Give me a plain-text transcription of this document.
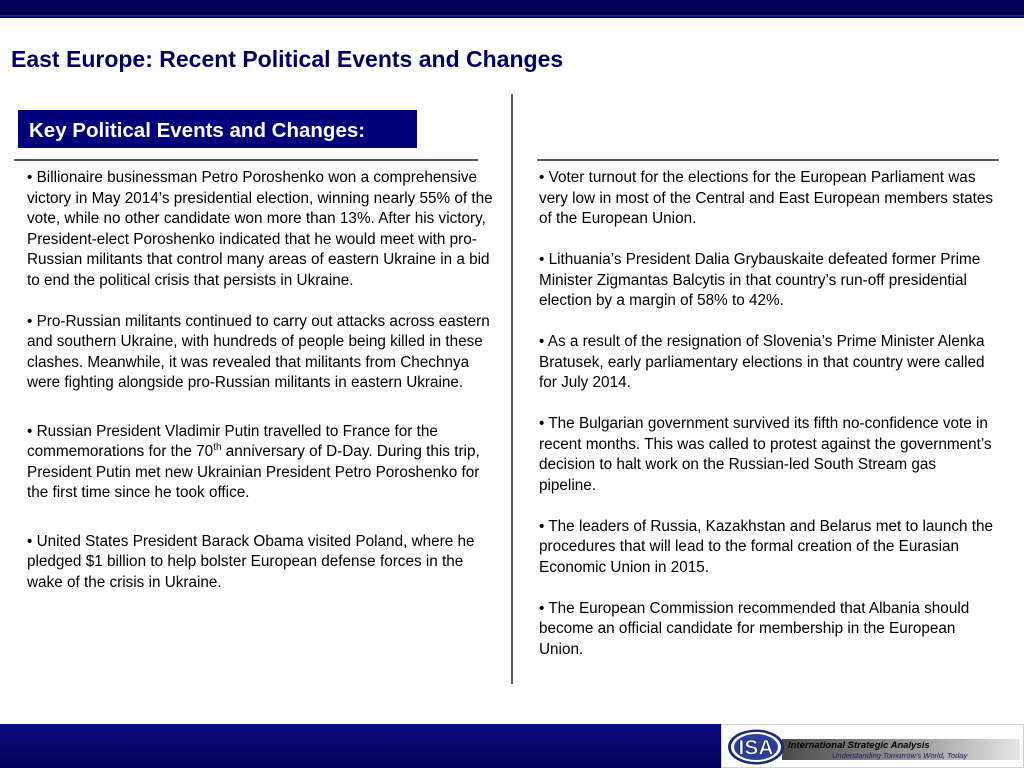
East Europe: Recent Political Events and Changes
Key Political Events and Changes:

• Billionaire businessman Petro Poroshenko won a comprehensive victory in May 2014’s presidential election, winning nearly 55% of the vote, while no other candidate won more than 13%. After his victory, President-elect Poroshenko indicated that he would meet with pro-Russian militants that control many areas of eastern Ukraine in a bid to end the political crisis that persists in Ukraine.

• Pro-Russian militants continued to carry out attacks across eastern and southern Ukraine, with hundreds of people being killed in these clashes. Meanwhile, it was revealed that militants from Chechnya were fighting alongside pro-Russian militants in eastern Ukraine.

• Russian President Vladimir Putin travelled to France for the commemorations for the 70th anniversary of D-Day. During this trip, President Putin met new Ukrainian President Petro Poroshenko for the first time since he took office.

• United States President Barack Obama visited Poland, where he pledged $1 billion to help bolster European defense forces in the wake of the crisis in Ukraine.

• Voter turnout for the elections for the European Parliament was very low in most of the Central and East European members states of the European Union.

• Lithuania’s President Dalia Grybauskaite defeated former Prime Minister Zigmantas Balcytis in that country’s run-off presidential election by a margin of 58% to 42%.

• As a result of the resignation of Slovenia’s Prime Minister Alenka Bratusek, early parliamentary elections in that country were called for July 2014.

• The Bulgarian government survived its fifth no-confidence vote in recent months. This was called to protest against the government’s decision to halt work on the Russian-led South Stream gas pipeline.

• The leaders of Russia, Kazakhstan and Belarus met to launch the procedures that will lead to the formal creation of the Eurasian Economic Union in 2015.

• The European Commission recommended that Albania should become an official candidate for membership in the European Union.

ISA International Strategic Analysis
Understanding Tomorrow’s World, Today
